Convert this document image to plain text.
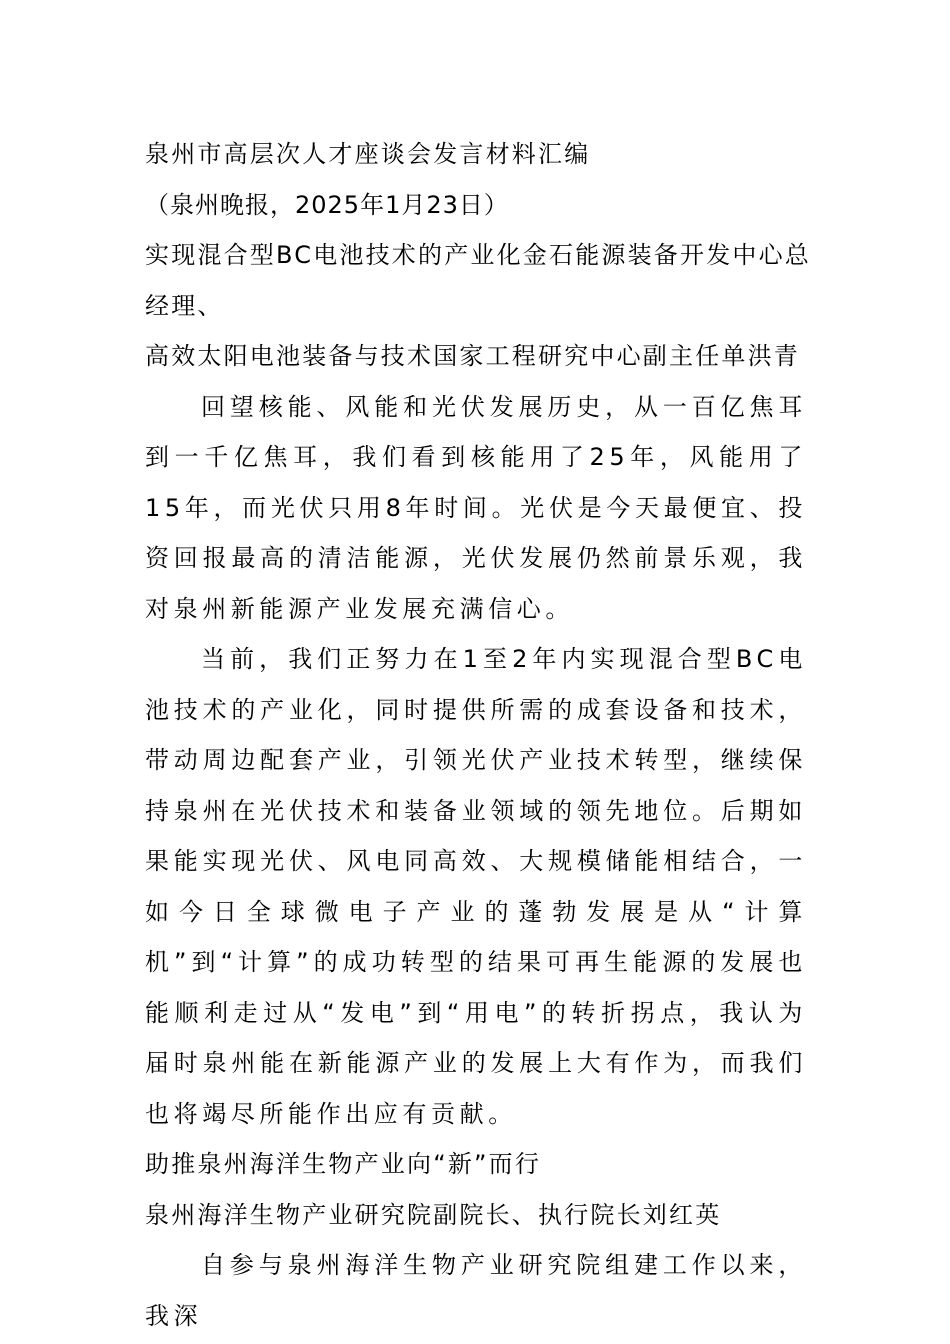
泉州市高层次人才座谈会发言材料汇编

（泉州晚报，2025年1月23日）

实现混合型BC电池技术的产业化金石能源装备开发中心总

经理、

高效太阳电池装备与技术国家工程研究中心副主任单洪青

回望核能、风能和光伏发展历史，从一百亿焦耳到一千亿焦耳，我们看到核能用了25年，风能用了15年，而光伏只用8年时间。光伏是今天最便宜、投资回报最高的清洁能源，光伏发展仍然前景乐观，我对泉州新能源产业发展充满信心。

当前，我们正努力在1至2年内实现混合型BC电池技术的产业化，同时提供所需的成套设备和技术，带动周边配套产业，引领光伏产业技术转型，继续保持泉州在光伏技术和装备业领域的领先地位。后期如果能实现光伏、风电同高效、大规模储能相结合，一如今日全球微电子产业的蓬勃发展是从“计算机”到“计算”的成功转型的结果可再生能源的发展也能顺利走过从“发电”到“用电”的转折拐点，我认为届时泉州能在新能源产业的发展上大有作为，而我们也将竭尽所能作出应有贡献。

助推泉州海洋生物产业向“新”而行

泉州海洋生物产业研究院副院长、执行院长刘红英

自参与泉州海洋生物产业研究院组建工作以来，我深
